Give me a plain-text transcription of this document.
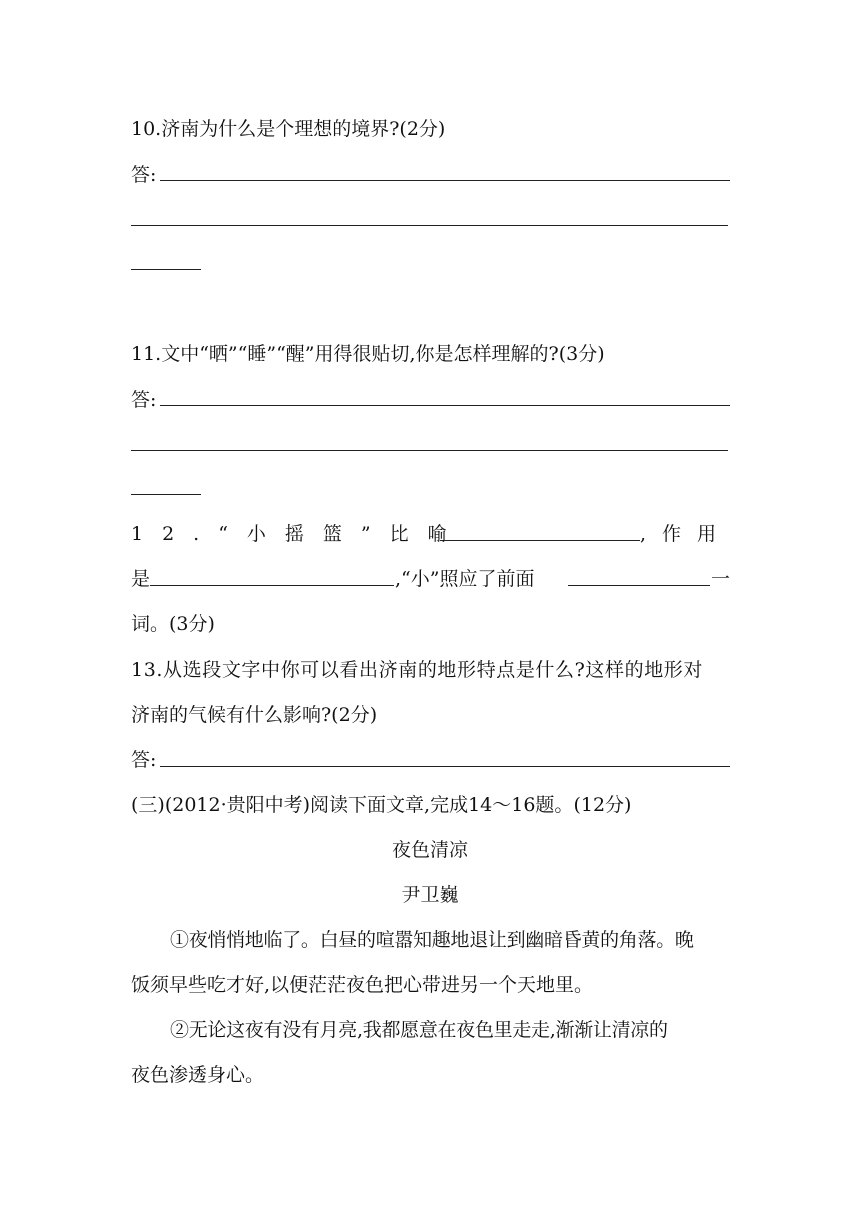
10.济南为什么是个理想的境界?(2分)
答:
11.文中“晒”“睡”“醒”用得很贴切,你是怎样理解的?(3分)
答:
12.“小摇篮”比喻	,作用
是	,“小”照应了前面	一
词。(3分)
13.从选段文字中你可以看出济南的地形特点是什么?这样的地形对
济南的气候有什么影响?(2分)
答:
(三)(2012·贵阳中考)阅读下面文章,完成14～16题。(12分)
夜色清凉
尹卫巍
①夜悄悄地临了。白昼的喧嚣知趣地退让到幽暗昏黄的角落。晚
饭须早些吃才好,以便茫茫夜色把心带进另一个天地里。
②无论这夜有没有月亮,我都愿意在夜色里走走,渐渐让清凉的
夜色渗透身心。
